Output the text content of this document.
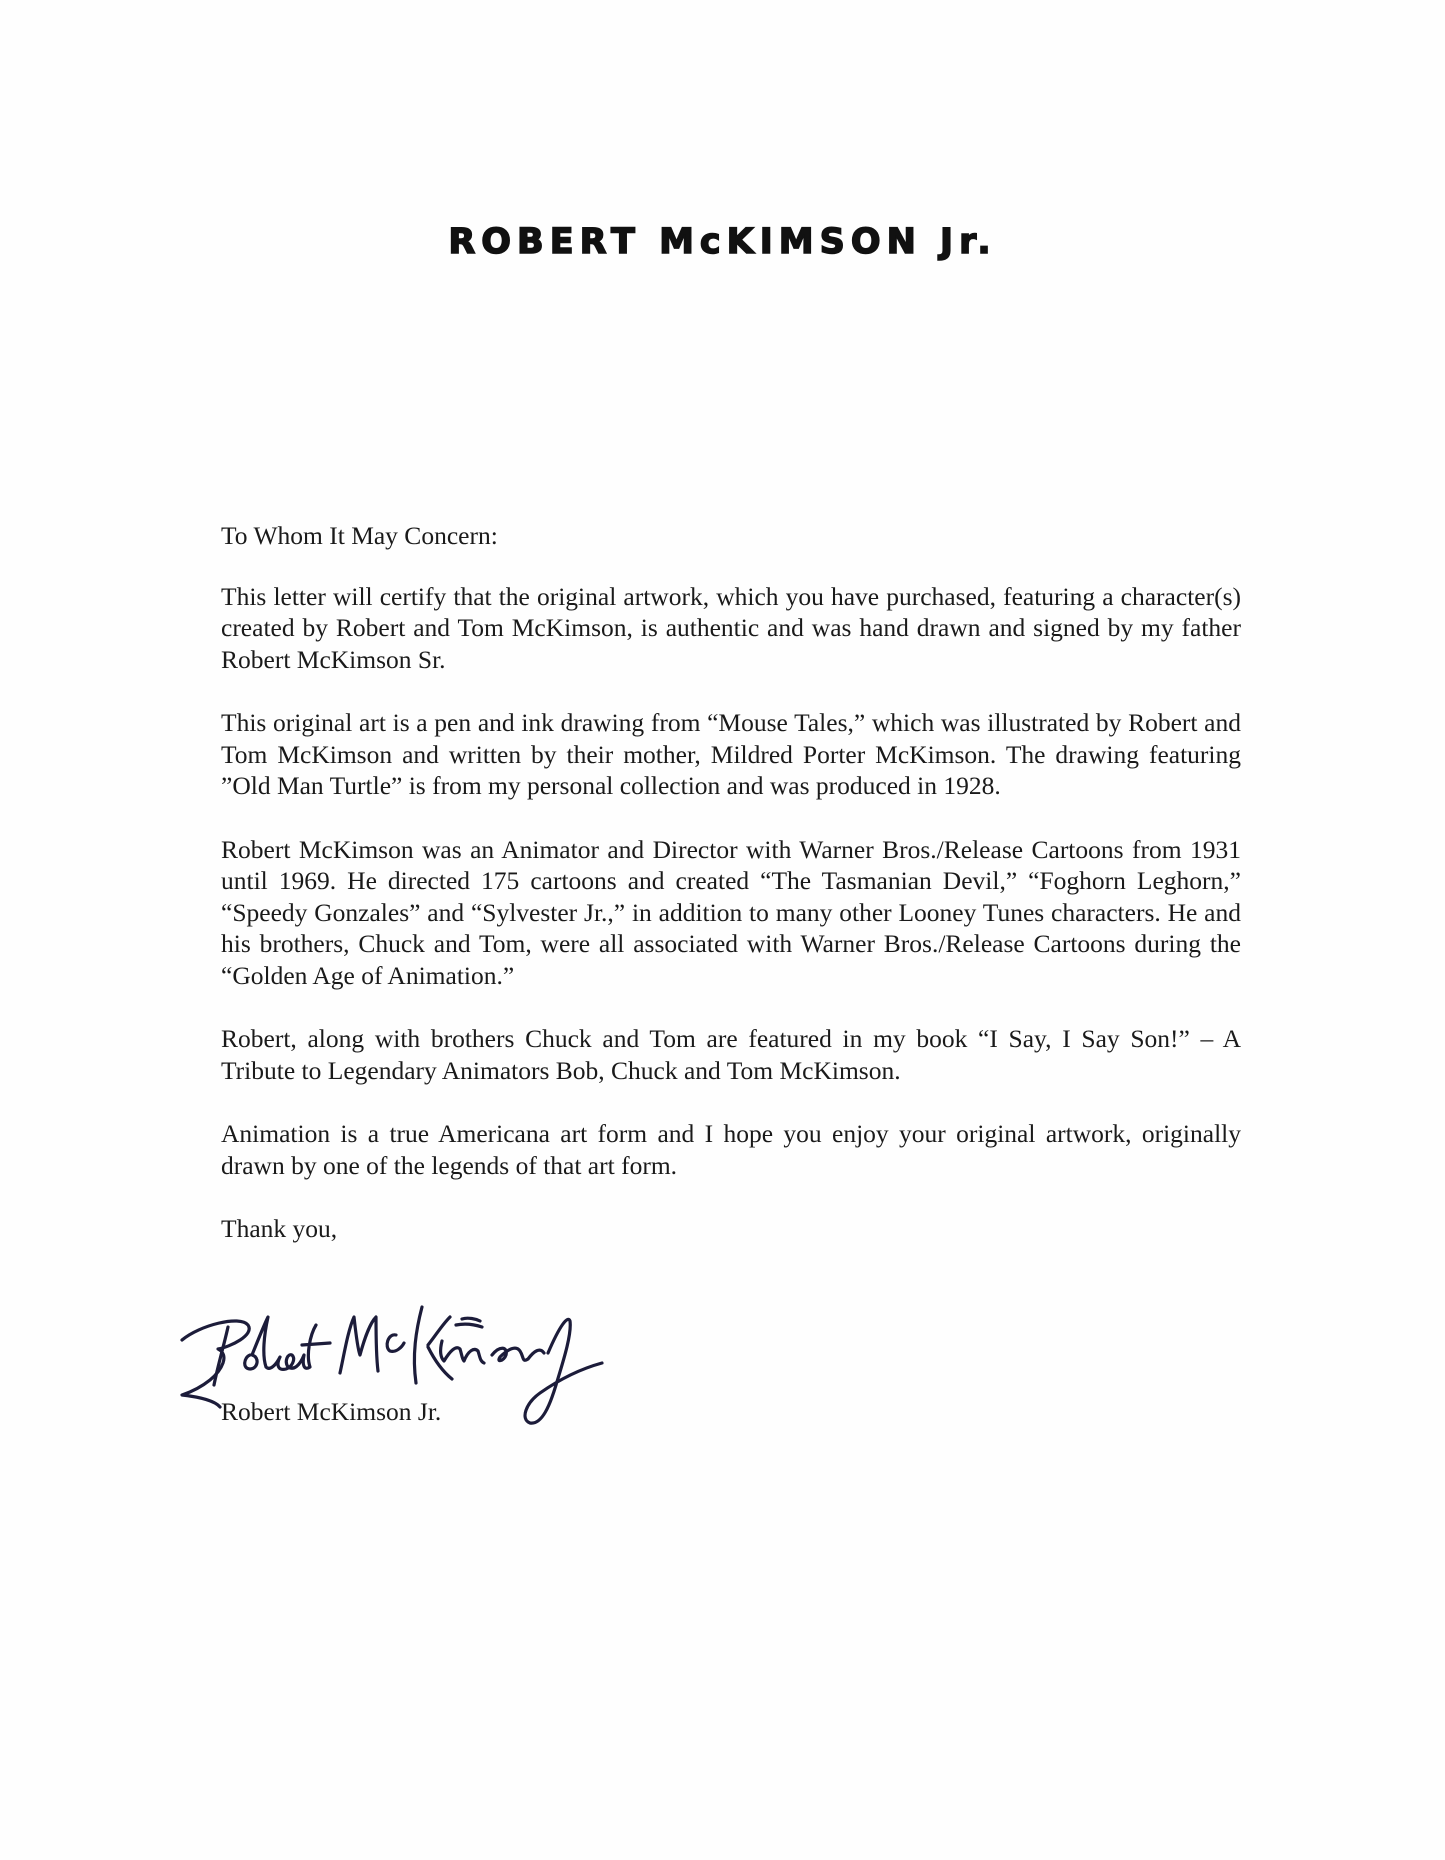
ROBERT McKIMSON Jr.

To Whom It May Concern:

This letter will certify that the original artwork, which you have purchased, featuring a character(s) created by Robert and Tom McKimson, is authentic and was hand drawn and signed by my father Robert McKimson Sr.

This original art is a pen and ink drawing from “Mouse Tales,” which was illustrated by Robert and Tom McKimson and written by their mother, Mildred Porter McKimson. The drawing featuring ”Old Man Turtle” is from my personal collection and was produced in 1928.

Robert McKimson was an Animator and Director with Warner Bros./Release Cartoons from 1931 until 1969. He directed 175 cartoons and created “The Tasmanian Devil,” “Foghorn Leghorn,” “Speedy Gonzales” and “Sylvester Jr.,” in addition to many other Looney Tunes characters. He and his brothers, Chuck and Tom, were all associated with Warner Bros./Release Cartoons during the “Golden Age of Animation.”

Robert, along with brothers Chuck and Tom are featured in my book “I Say, I Say Son!” – A Tribute to Legendary Animators Bob, Chuck and Tom McKimson.

Animation is a true Americana art form and I hope you enjoy your original artwork, originally drawn by one of the legends of that art form.

Thank you,

Robert McKimson Jr.
